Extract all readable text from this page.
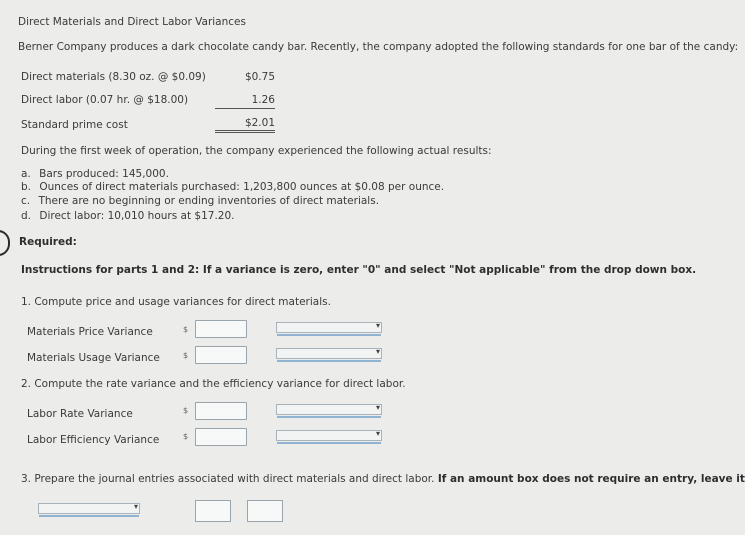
Direct Materials and Direct Labor Variances
Berner Company produces a dark chocolate candy bar. Recently, the company adopted the following standards for one bar of the candy:
Direct materials (8.30 oz. @ $0.09)	$0.75
Direct labor (0.07 hr. @ $18.00)	1.26
Standard prime cost	$2.01
During the first week of operation, the company experienced the following actual results:
a. Bars produced: 145,000.
b. Ounces of direct materials purchased: 1,203,800 ounces at $0.08 per ounce.
c. There are no beginning or ending inventories of direct materials.
d. Direct labor: 10,010 hours at $17.20.
Required:
Instructions for parts 1 and 2: If a variance is zero, enter "0" and select "Not applicable" from the drop down box.
1. Compute price and usage variances for direct materials.
Materials Price Variance	$	▾
Materials Usage Variance	$	▾
2. Compute the rate variance and the efficiency variance for direct labor.
Labor Rate Variance	$	▾
Labor Efficiency Variance	$	▾
3. Prepare the journal entries associated with direct materials and direct labor. If an amount box does not require an entry, leave it
▾
